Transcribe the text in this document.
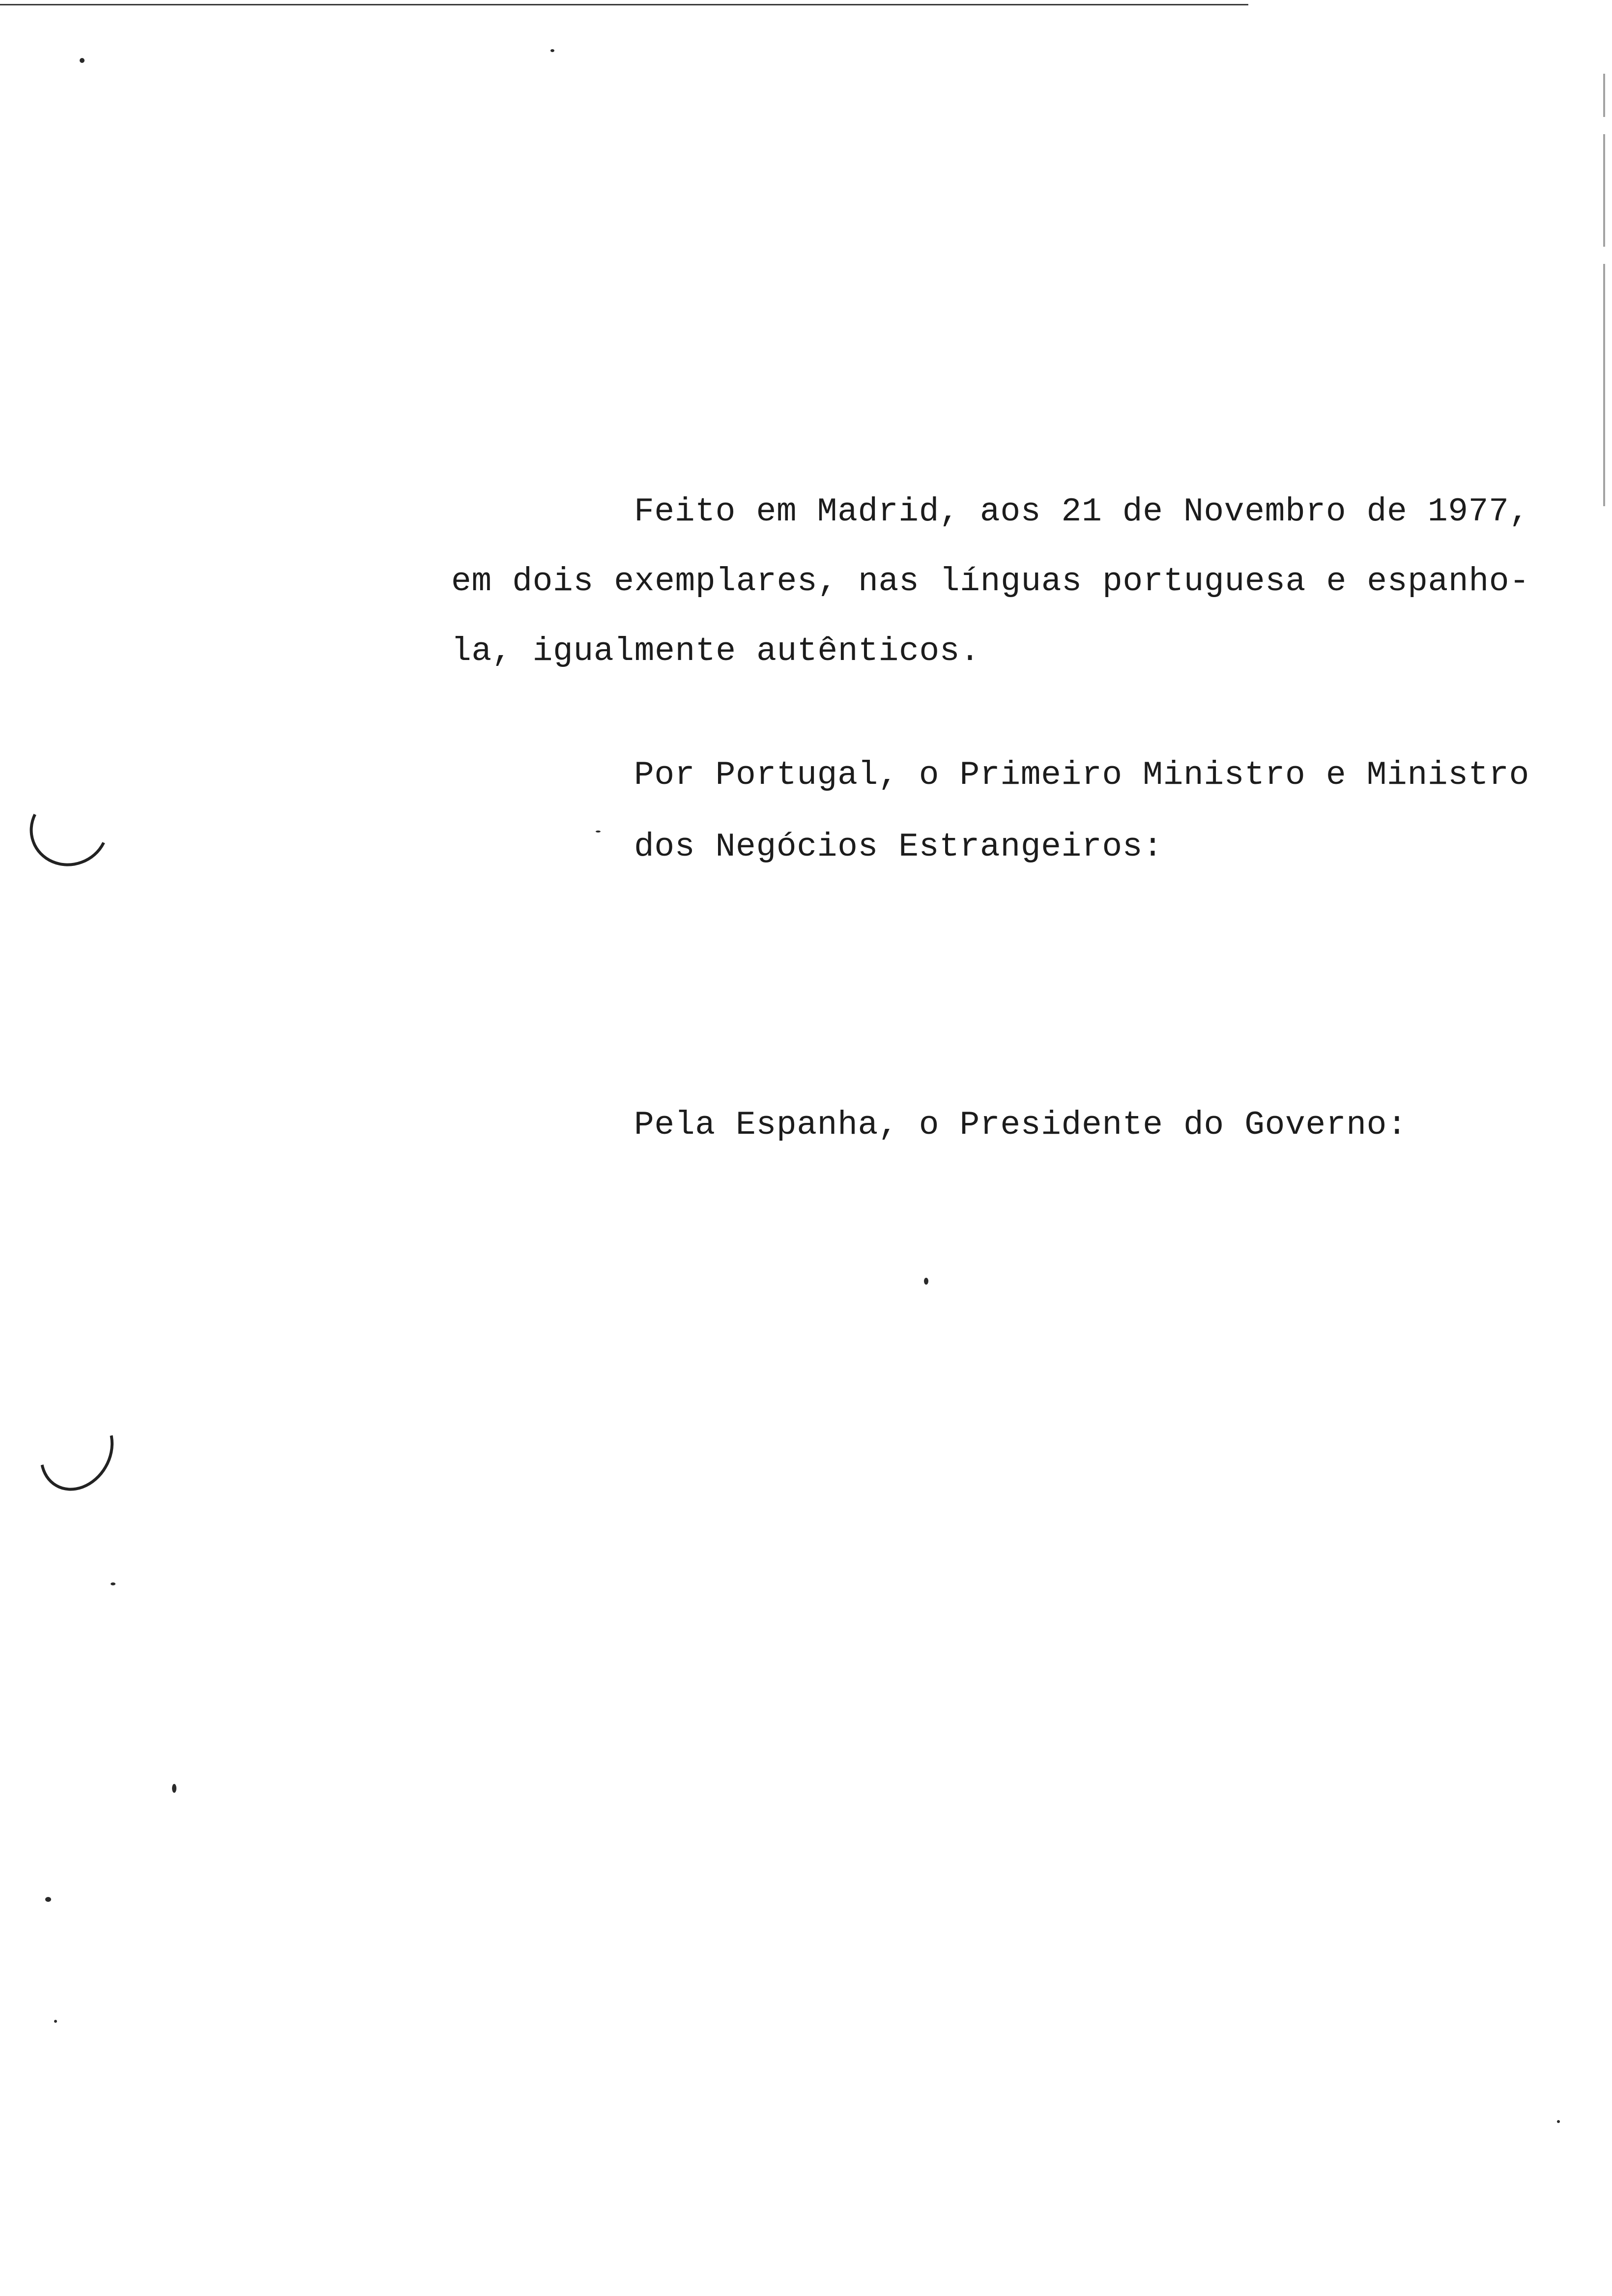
Feito em Madrid, aos 21 de Novembro de 1977,
em dois exemplares, nas línguas portuguesa e espanho-
la, igualmente autênticos.
Por Portugal, o Primeiro Ministro e Ministro
dos Negócios Estrangeiros:
Pela Espanha, o Presidente do Governo:
